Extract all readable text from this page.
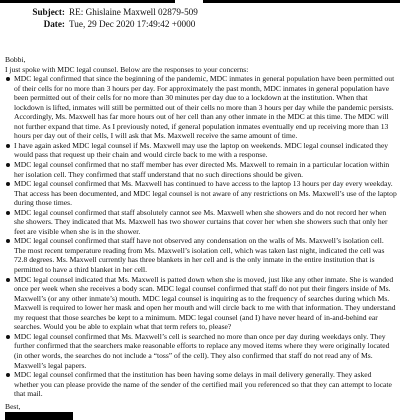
Subject: RE: Ghislaine Maxwell 02879-509
Date: Tue, 29 Dec 2020 17:49:42 +0000

Bobbi,

I just spoke with MDC legal counsel. Below are the responses to your concerns:

MDC legal confirmed that since the beginning of the pandemic, MDC inmates in general population have been permitted out of their cells for no more than 3 hours per day. For approximately the past month, MDC inmates in general population have been permitted out of their cells for no more than 30 minutes per day due to a lockdown at the institution. When that lockdown is lifted, inmates will still be permitted out of their cells no more than 3 hours per day while the pandemic persists. Accordingly, Ms. Maxwell has far more hours out of her cell than any other inmate in the MDC at this time. The MDC will not further expand that time. As I previously noted, if general population inmates eventually end up receiving more than 13 hours per day out of their cells, I will ask that Ms. Maxwell receive the same amount of time.
I have again asked MDC legal counsel if Ms. Maxwell may use the laptop on weekends. MDC legal counsel indicated they would pass that request up their chain and would circle back to me with a response.
MDC legal counsel confirmed that no staff member has ever directed Ms. Maxwell to remain in a particular location within her isolation cell. They confirmed that staff understand that no such directions should be given.
MDC legal counsel confirmed that Ms. Maxwell has continued to have access to the laptop 13 hours per day every weekday. That access has been documented, and MDC legal counsel is not aware of any restrictions on Ms. Maxwell’s use of the laptop during those times.
MDC legal counsel confirmed that staff absolutely cannot see Ms. Maxwell when she showers and do not record her when she showers. They indicated that Ms. Maxwell has two shower curtains that cover her when she showers such that only her feet are visible when she is in the shower.
MDC legal counsel confirmed that staff have not observed any condensation on the walls of Ms. Maxwell’s isolation cell. The most recent temperature reading from Ms. Maxwell’s isolation cell, which was taken last night, indicated the cell was 72.8 degrees. Ms. Maxwell currently has three blankets in her cell and is the only inmate in the entire institution that is permitted to have a third blanket in her cell.
MDC legal counsel indicated that Ms. Maxwell is patted down when she is moved, just like any other inmate. She is wanded once per week when she receives a body scan. MDC legal counsel confirmed that staff do not put their fingers inside of Ms. Maxwell’s (or any other inmate’s) mouth. MDC legal counsel is inquiring as to the frequency of searches during which Ms. Maxwell is required to lower her mask and open her mouth and will circle back to me with that information. They understand my request that those searches be kept to a minimum. MDC legal counsel (and I) have never heard of in-and-behind ear searches. Would you be able to explain what that term refers to, please?
MDC legal counsel confirmed that Ms. Maxwell’s cell is searched no more than once per day during weekdays only. They further confirmed that the searchers make reasonable efforts to replace any moved items where they were originally located (in other words, the searches do not include a “toss” of the cell). They also confirmed that staff do not read any of Ms. Maxwell’s legal papers.
MDC legal counsel confirmed that the institution has been having some delays in mail delivery generally. They asked whether you can please provide the name of the sender of the certified mail you referenced so that they can attempt to locate that mail.

Best,
